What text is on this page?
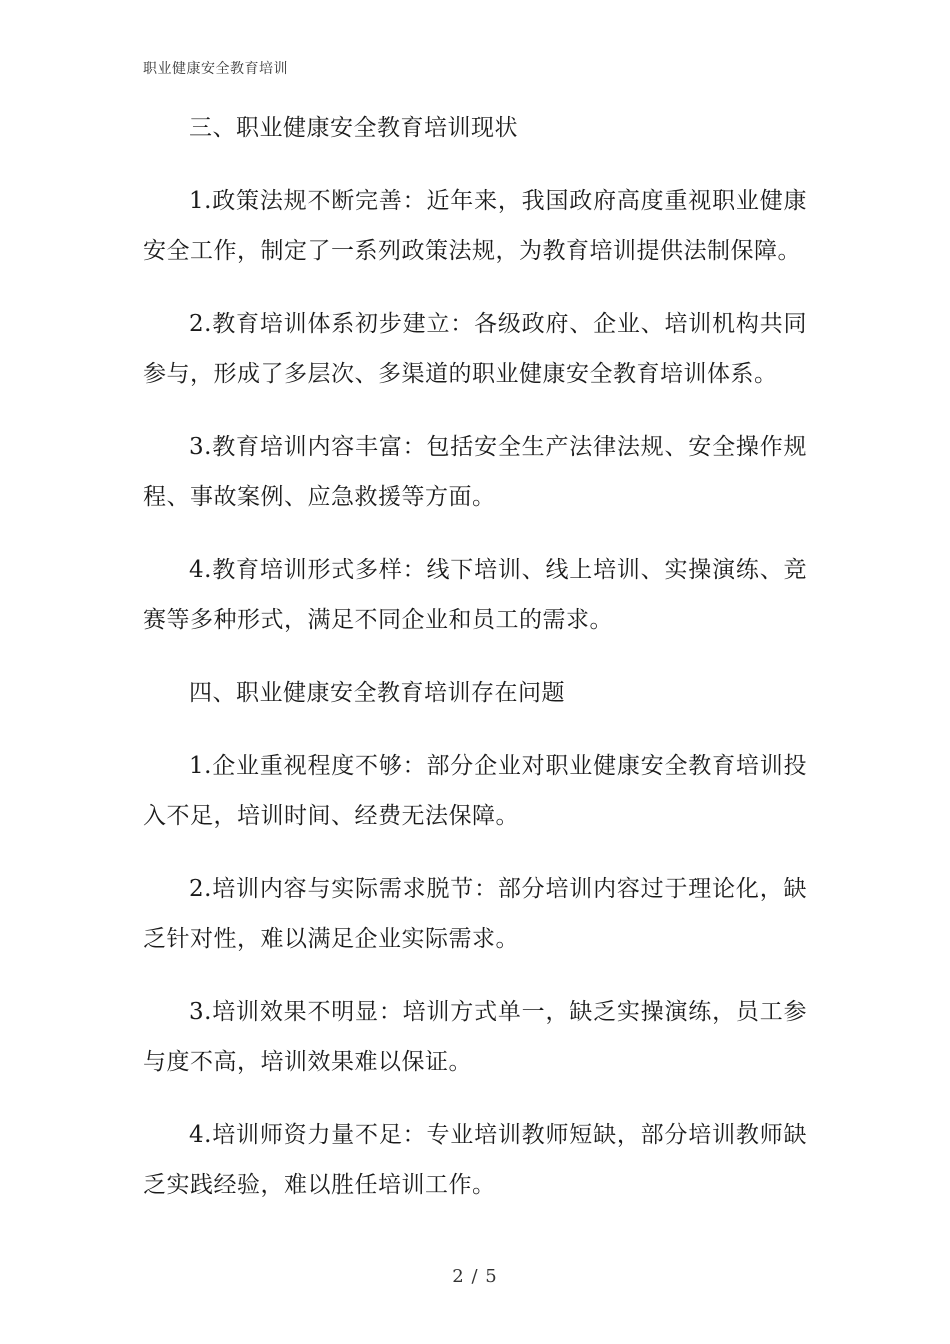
职业健康安全教育培训

三、职业健康安全教育培训现状

1.政策法规不断完善：近年来，我国政府高度重视职业健康安全工作，制定了一系列政策法规，为教育培训提供法制保障。

2.教育培训体系初步建立：各级政府、企业、培训机构共同参与，形成了多层次、多渠道的职业健康安全教育培训体系。

3.教育培训内容丰富：包括安全生产法律法规、安全操作规程、事故案例、应急救援等方面。

4.教育培训形式多样：线下培训、线上培训、实操演练、竞赛等多种形式，满足不同企业和员工的需求。

四、职业健康安全教育培训存在问题

1.企业重视程度不够：部分企业对职业健康安全教育培训投入不足，培训时间、经费无法保障。

2.培训内容与实际需求脱节：部分培训内容过于理论化，缺乏针对性，难以满足企业实际需求。

3.培训效果不明显：培训方式单一，缺乏实操演练，员工参与度不高，培训效果难以保证。

4.培训师资力量不足：专业培训教师短缺，部分培训教师缺乏实践经验，难以胜任培训工作。

2 / 5
